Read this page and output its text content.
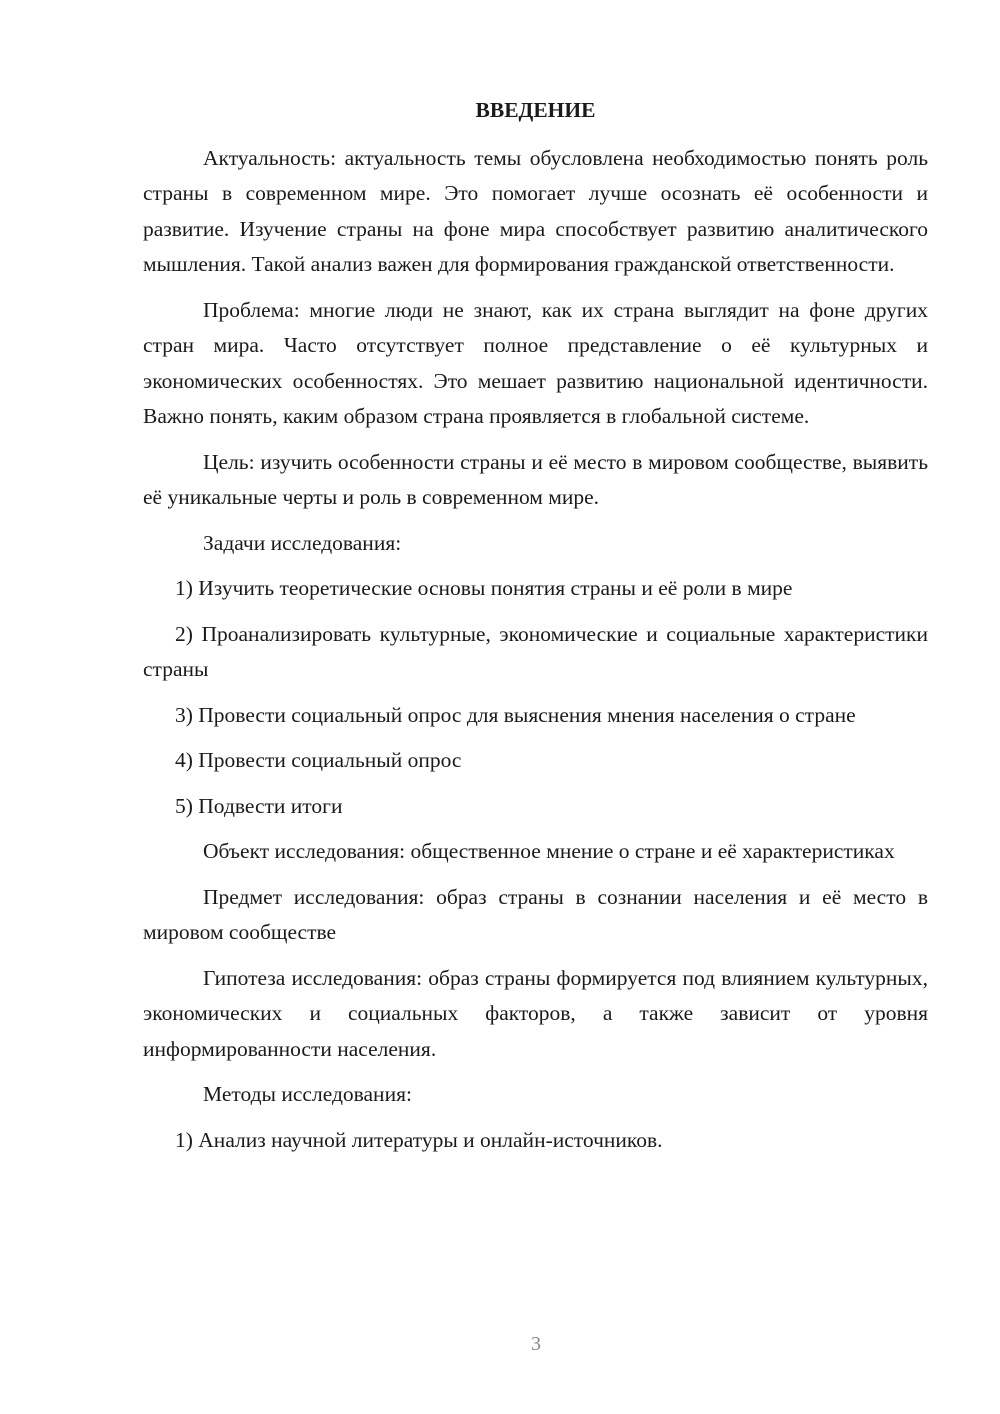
ВВЕДЕНИЕ

Актуальность: актуальность темы обусловлена необходимостью понять роль страны в современном мире. Это помогает лучше осознать её особенности и развитие. Изучение страны на фоне мира способствует развитию аналитического мышления. Такой анализ важен для формирования гражданской ответственности.

Проблема: многие люди не знают, как их страна выглядит на фоне других стран мира. Часто отсутствует полное представление о её культурных и экономических особенностях. Это мешает развитию национальной идентичности. Важно понять, каким образом страна проявляется в глобальной системе.

Цель: изучить особенности страны и её место в мировом сообществе, выявить её уникальные черты и роль в современном мире.

Задачи исследования:

1) Изучить теоретические основы понятия страны и её роли в мире

2) Проанализировать культурные, экономические и социальные характеристики страны

3) Провести социальный опрос для выяснения мнения населения о стране

4) Провести социальный опрос

5) Подвести итоги

Объект исследования: общественное мнение о стране и её характеристиках

Предмет исследования: образ страны в сознании населения и её место в мировом сообществе

Гипотеза исследования: образ страны формируется под влиянием культурных, экономических и социальных факторов, а также зависит от уровня информированности населения.

Методы исследования:

1) Анализ научной литературы и онлайн-источников.

3
